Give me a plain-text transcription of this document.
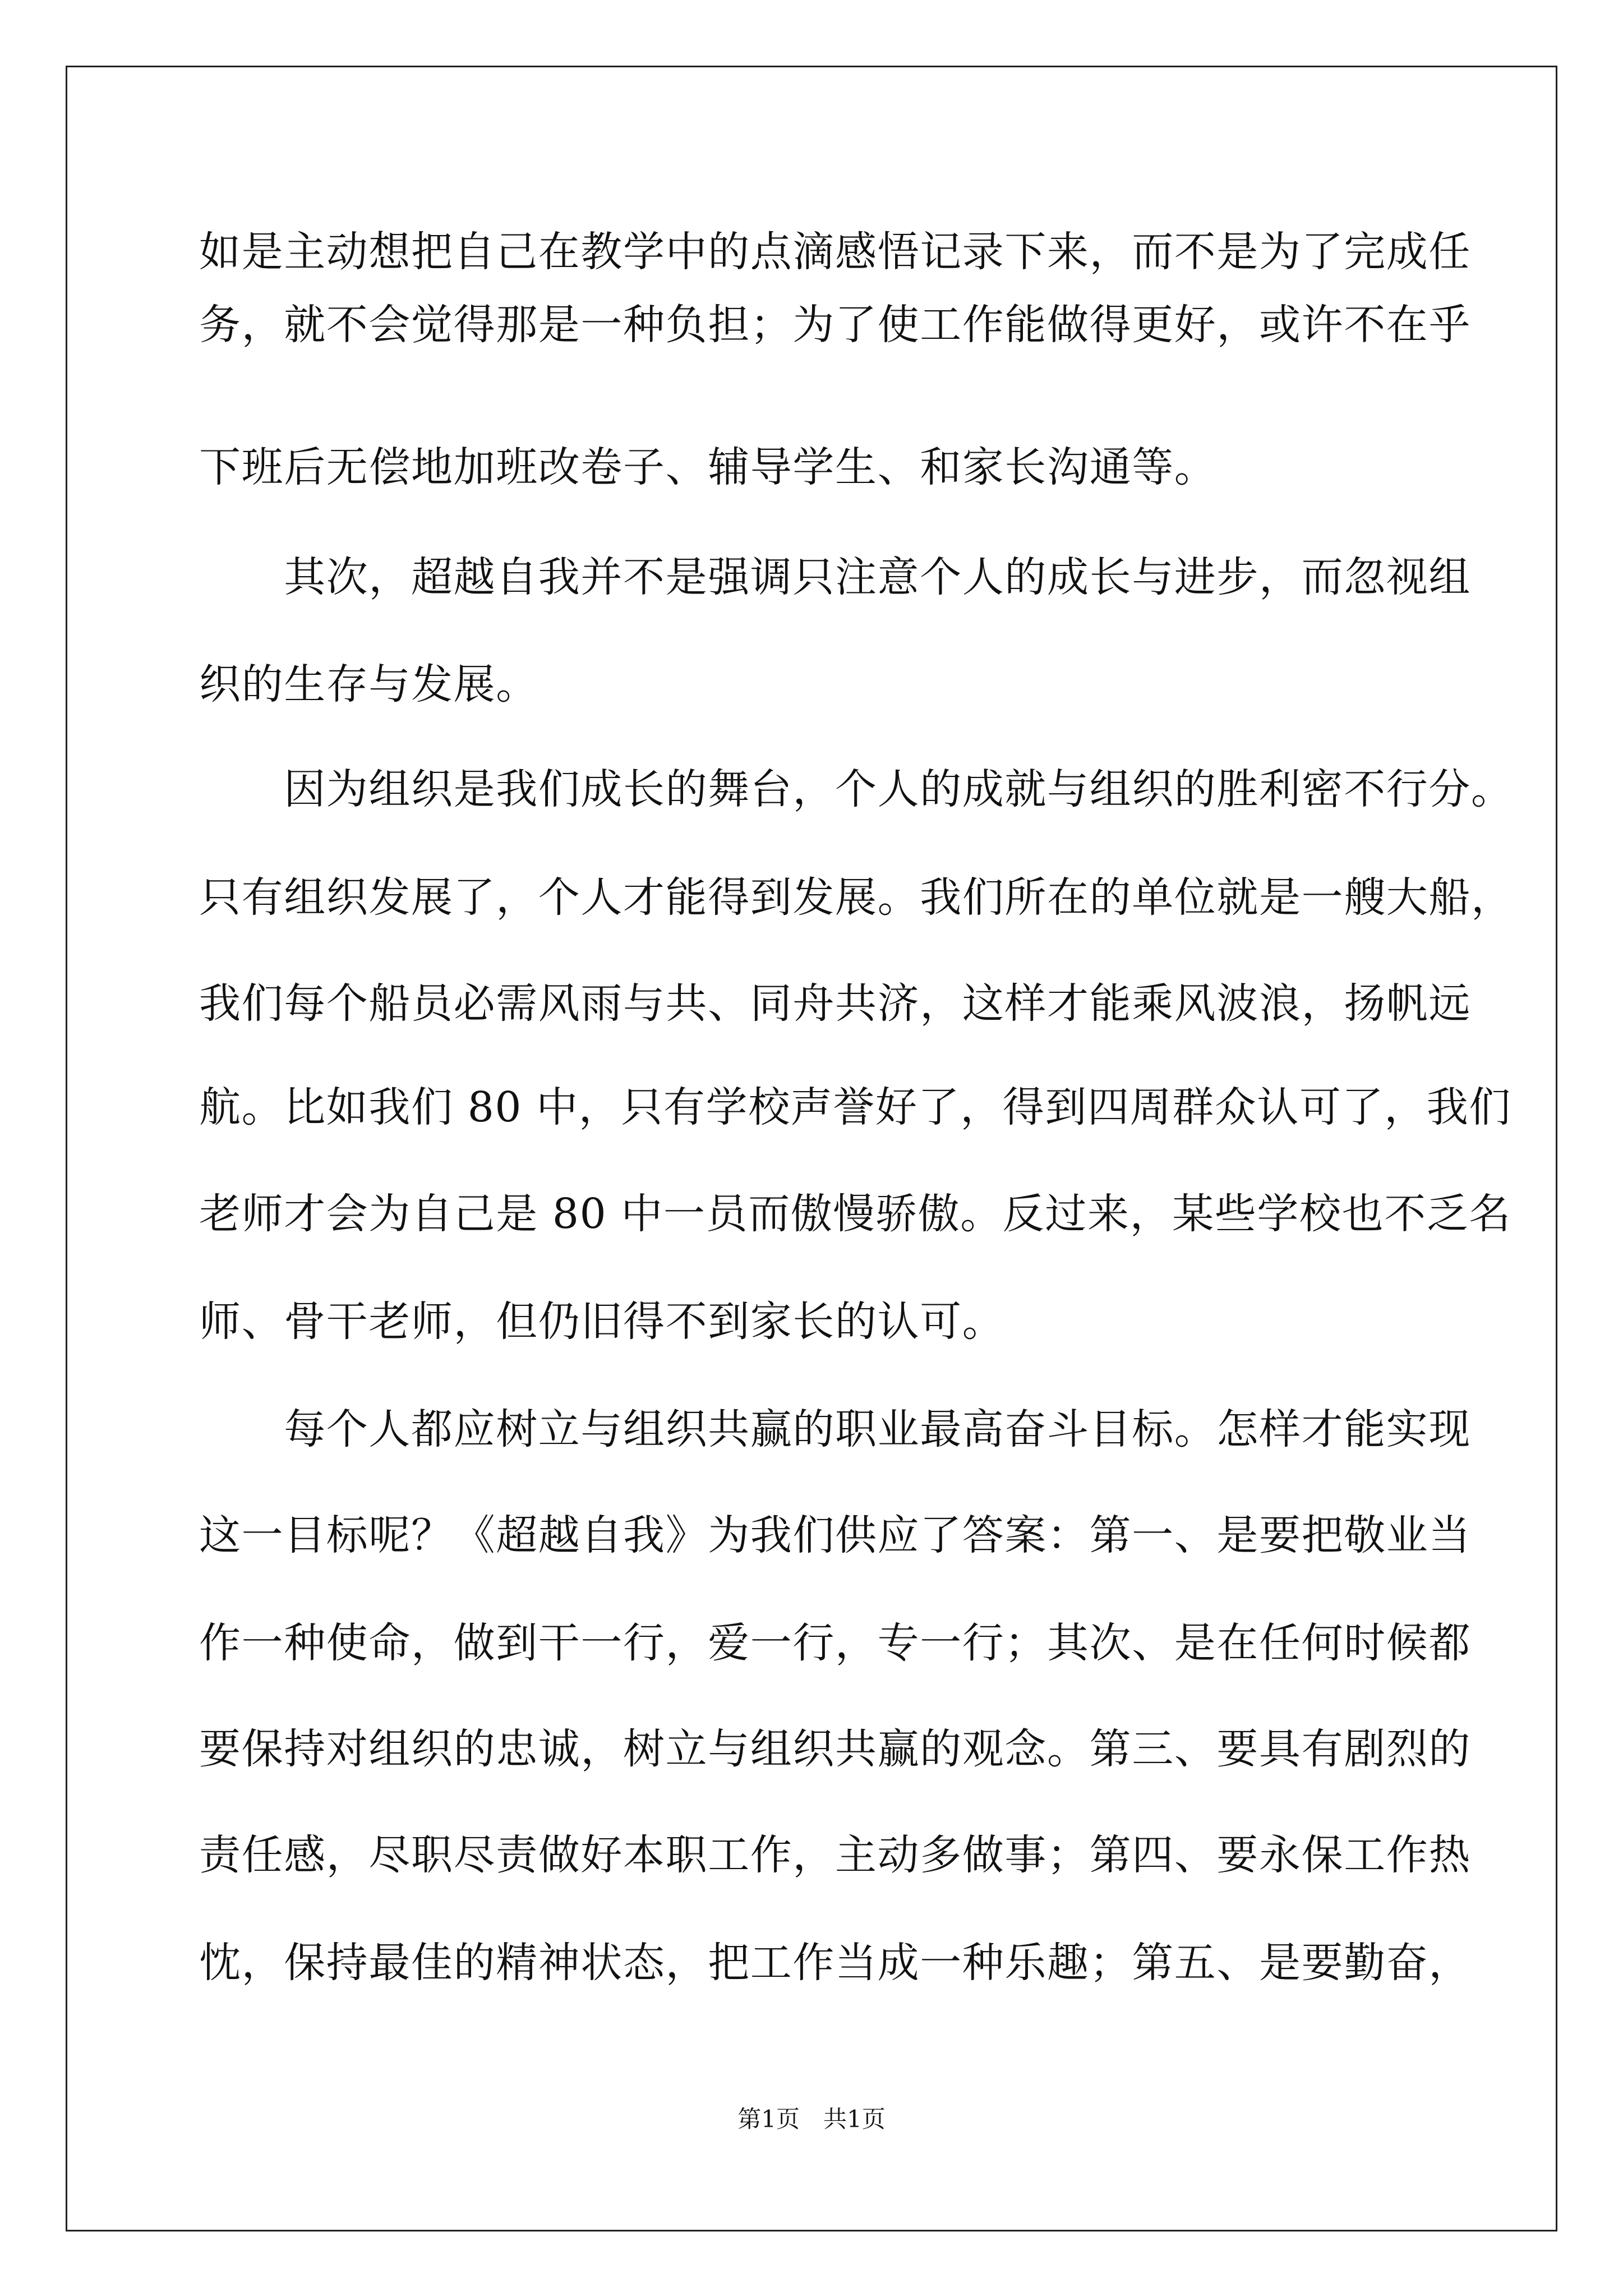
如是主动想把自己在教学中的点滴感悟记录下来，而不是为了完成任

务，就不会觉得那是一种负担；为了使工作能做得更好，或许不在乎

下班后无偿地加班改卷子、辅导学生、和家长沟通等。

　　其次，超越自我并不是强调只注意个人的成长与进步，而忽视组

织的生存与发展。

　　因为组织是我们成长的舞台，个人的成就与组织的胜利密不行分。

只有组织发展了，个人才能得到发展。我们所在的单位就是一艘大船，

我们每个船员必需风雨与共、同舟共济，这样才能乘风波浪，扬帆远

航。比如我们 80 中，只有学校声誉好了，得到四周群众认可了，我们

老师才会为自己是 80 中一员而傲慢骄傲。反过来，某些学校也不乏名

师、骨干老师，但仍旧得不到家长的认可。

　　每个人都应树立与组织共赢的职业最高奋斗目标。怎样才能实现

这一目标呢？《超越自我》为我们供应了答案：第一、是要把敬业当

作一种使命，做到干一行，爱一行，专一行；其次、是在任何时候都

要保持对组织的忠诚，树立与组织共赢的观念。第三、要具有剧烈的

责任感，尽职尽责做好本职工作，主动多做事；第四、要永保工作热

忱，保持最佳的精神状态，把工作当成一种乐趣；第五、是要勤奋，

第1页　共1页
